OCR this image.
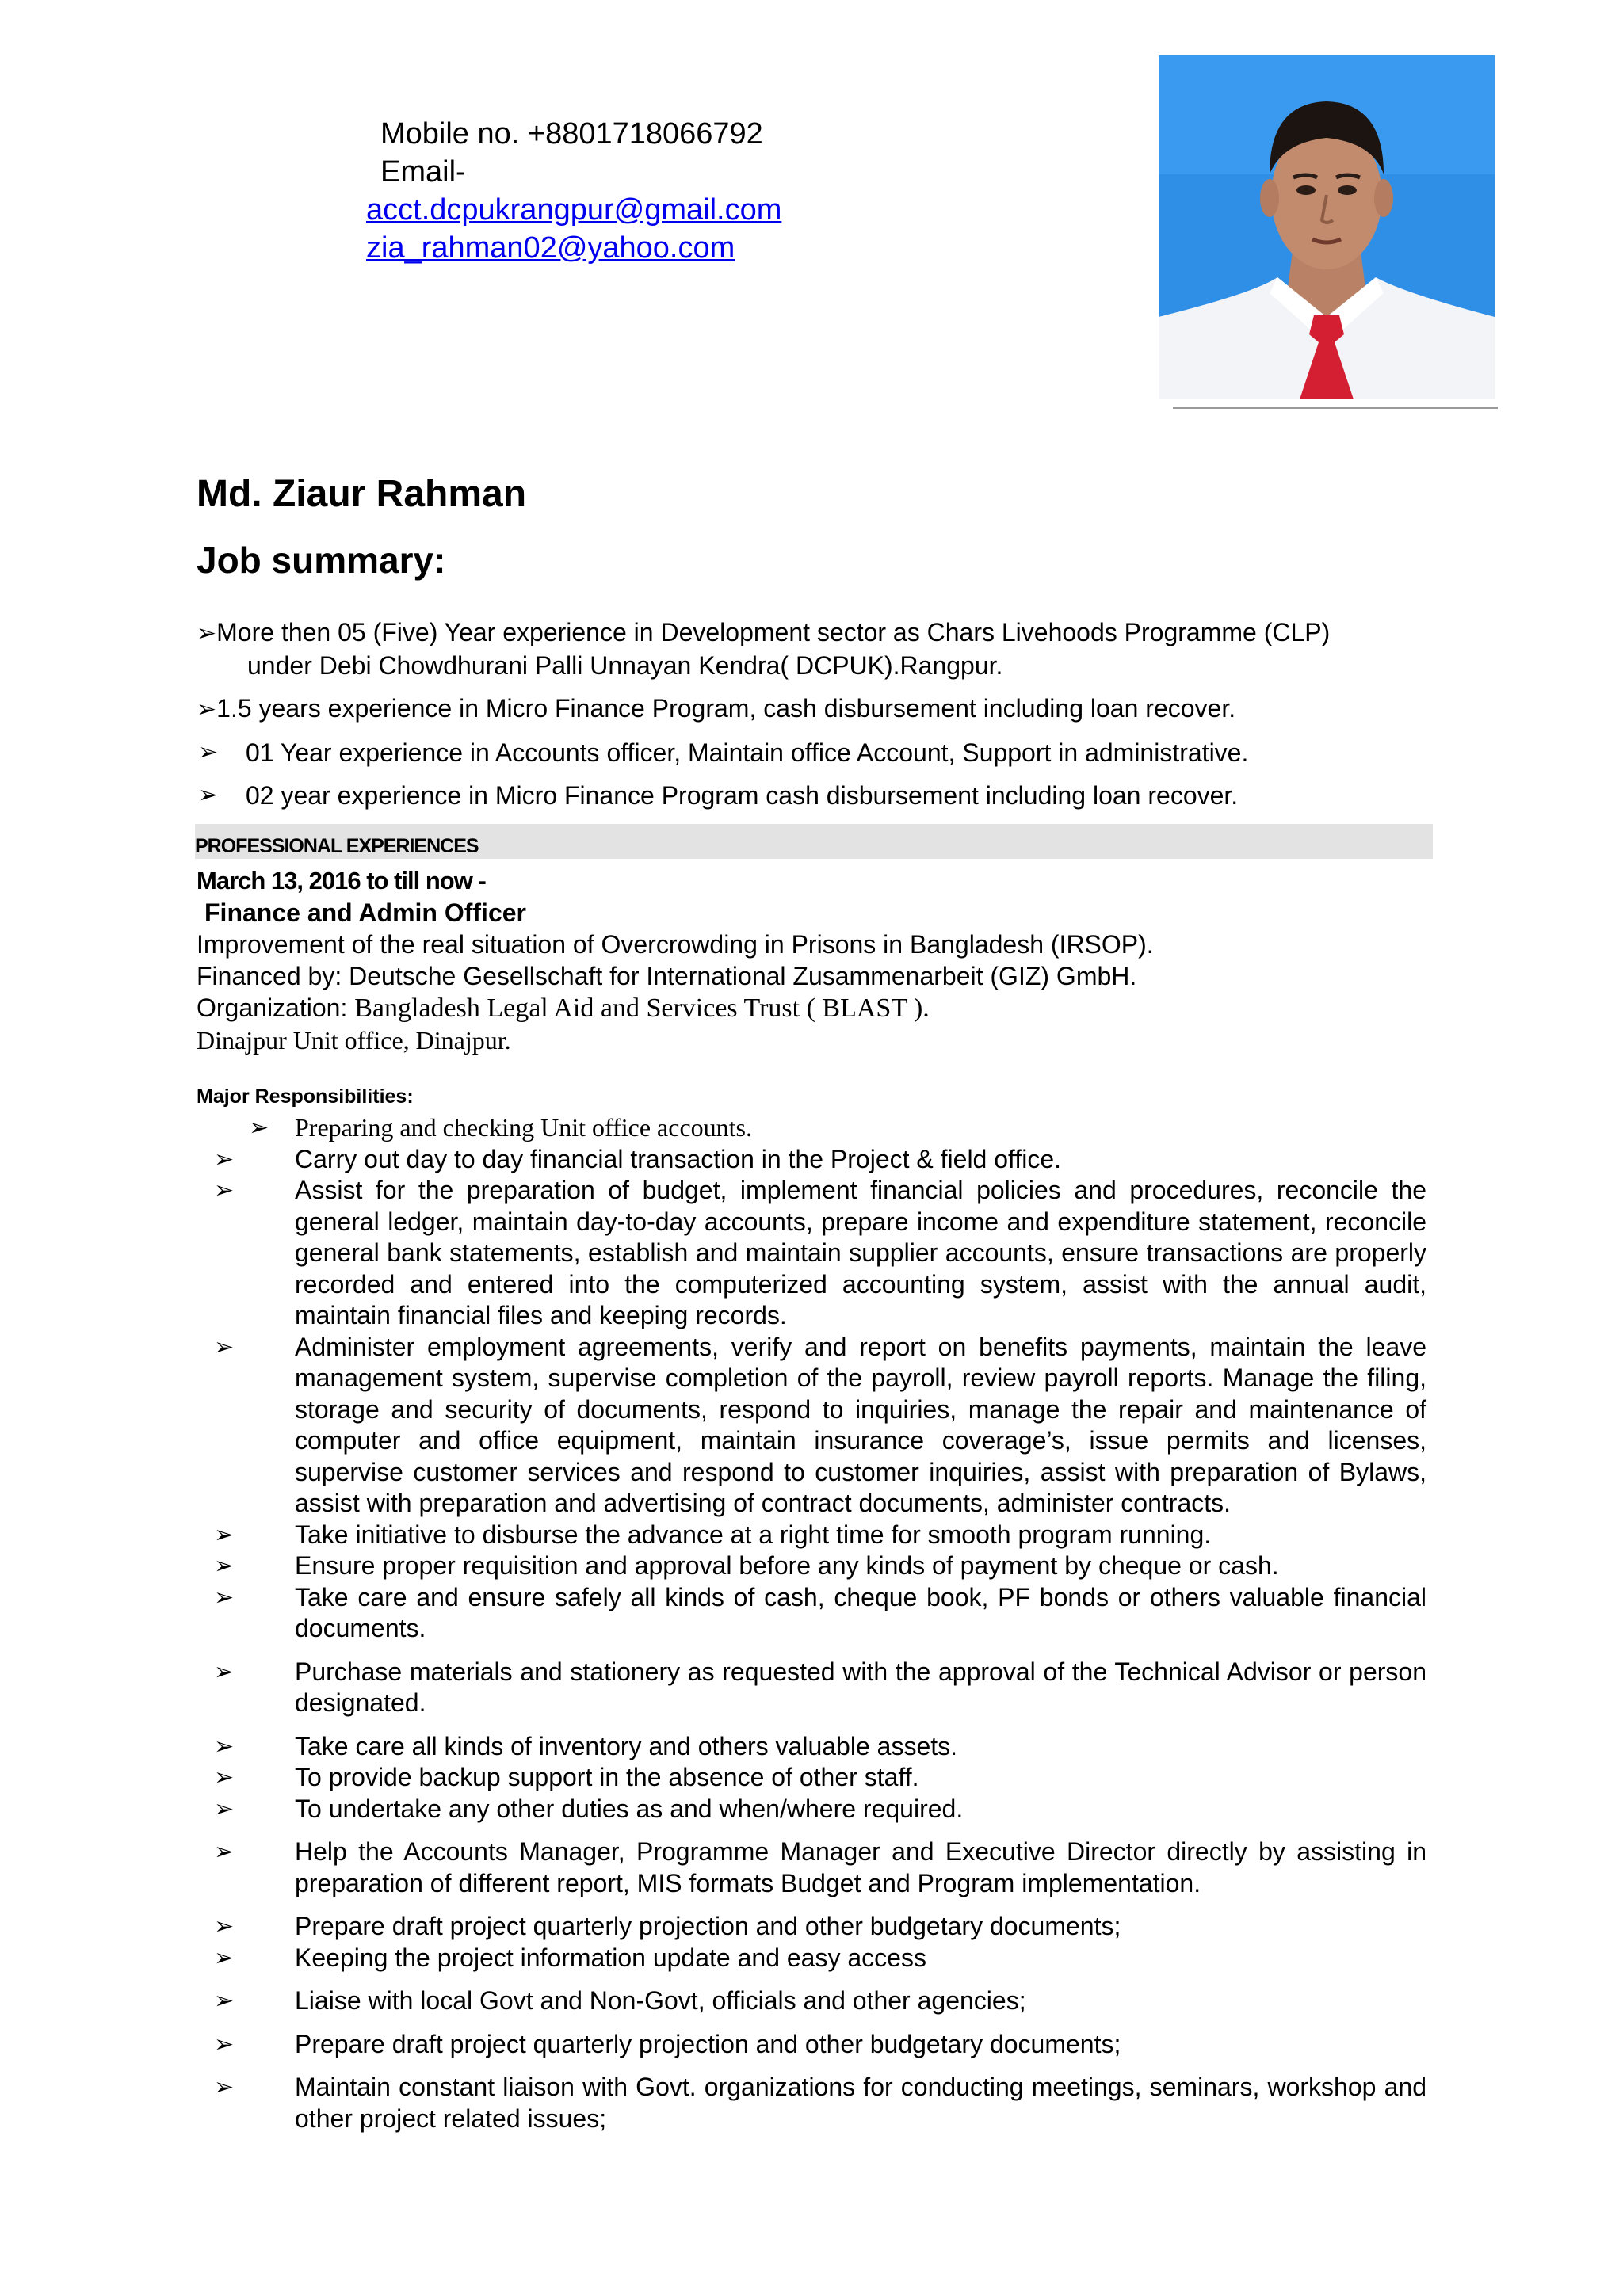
Mobile no. +8801718066792
Email-
acct.dcpukrangpur@gmail.com
zia_rahman02@yahoo.com
Md. Ziaur Rahman
Job summary:
➢More then 05 (Five) Year experience in Development sector as Chars Livehoods Programme (CLP)
under Debi Chowdhurani Palli Unnayan Kendra( DCPUK).Rangpur.
➢1.5 years experience in Micro Finance Program, cash disbursement including loan recover.
➢ 01 Year experience in Accounts officer, Maintain office Account, Support in administrative.
➢ 02 year experience in Micro Finance Program cash disbursement including loan recover.
PROFESSIONAL EXPERIENCES
March 13, 2016 to till now -
Finance and Admin Officer
Improvement of the real situation of Overcrowding in Prisons in Bangladesh (IRSOP).
Financed by: Deutsche Gesellschaft for International Zusammenarbeit (GIZ) GmbH.
Organization: Bangladesh Legal Aid and Services Trust ( BLAST ).
Dinajpur Unit office, Dinajpur.
Major Responsibilities:
➢ Preparing and checking Unit office accounts.
➢ Carry out day to day financial transaction in the Project & field office.
➢ Assist for the preparation of budget, implement financial policies and procedures, reconcile the general ledger, maintain day-to-day accounts, prepare income and expenditure statement, reconcile general bank statements, establish and maintain supplier accounts, ensure transactions are properly recorded and entered into the computerized accounting system, assist with the annual audit, maintain financial files and keeping records.
➢ Administer employment agreements, verify and report on benefits payments, maintain the leave management system, supervise completion of the payroll, review payroll reports. Manage the filing, storage and security of documents, respond to inquiries, manage the repair and maintenance of computer and office equipment, maintain insurance coverage’s, issue permits and licenses, supervise customer services and respond to customer inquiries, assist with preparation of Bylaws, assist with preparation and advertising of contract documents, administer contracts.
➢ Take initiative to disburse the advance at a right time for smooth program running.
➢ Ensure proper requisition and approval before any kinds of payment by cheque or cash.
➢ Take care and ensure safely all kinds of cash, cheque book, PF bonds or others valuable financial documents.
➢ Purchase materials and stationery as requested with the approval of the Technical Advisor or person designated.
➢ Take care all kinds of inventory and others valuable assets.
➢ To provide backup support in the absence of other staff.
➢ To undertake any other duties as and when/where required.
➢ Help the Accounts Manager, Programme Manager and Executive Director directly by assisting in preparation of different report, MIS formats Budget and Program implementation.
➢ Prepare draft project quarterly projection and other budgetary documents;
➢ Keeping the project information update and easy access
➢ Liaise with local Govt and Non-Govt, officials and other agencies;
➢ Prepare draft project quarterly projection and other budgetary documents;
➢ Maintain constant liaison with Govt. organizations for conducting meetings, seminars, workshop and other project related issues;
